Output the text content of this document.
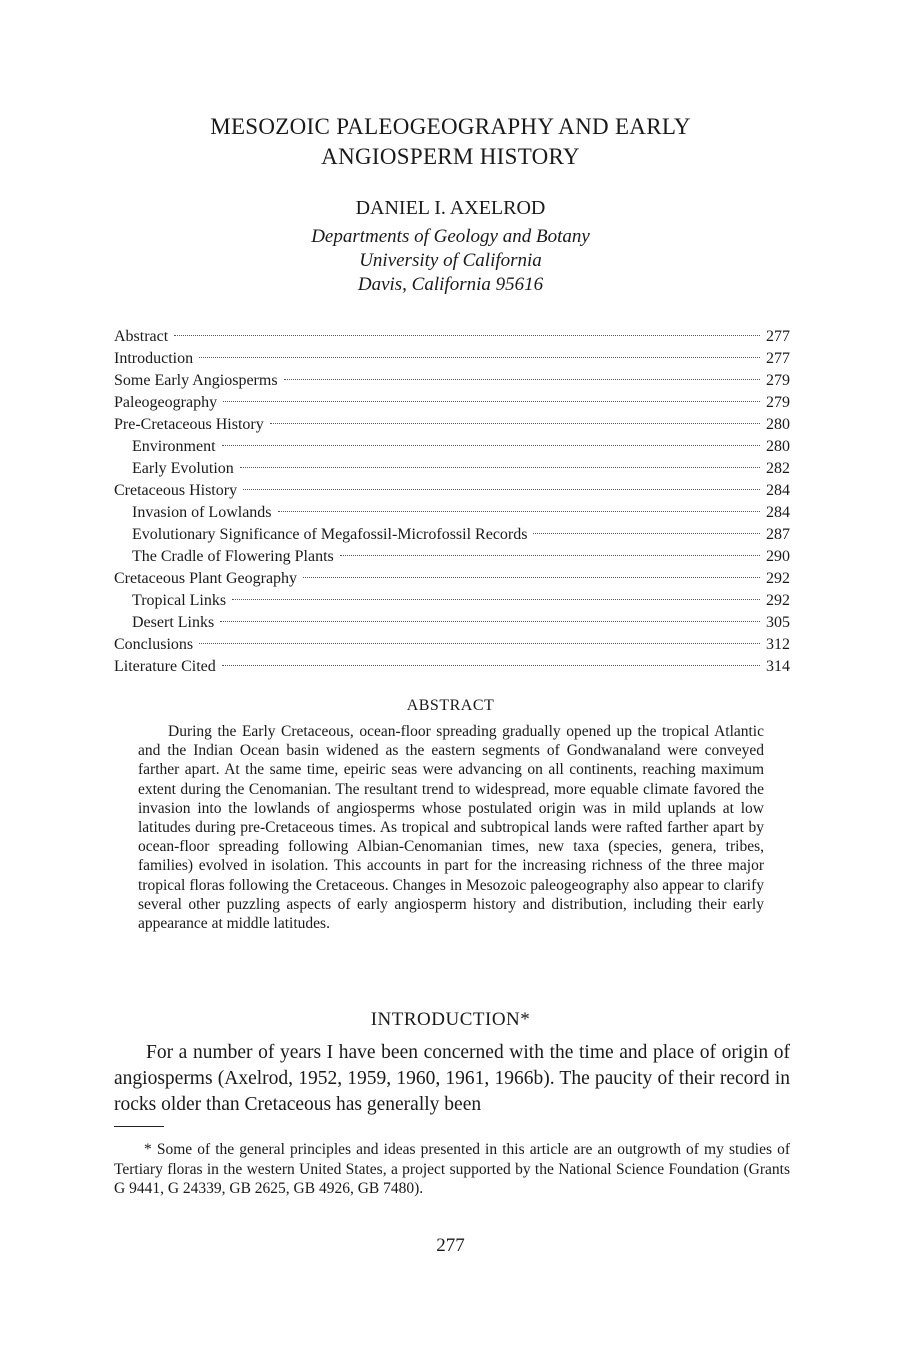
MESOZOIC PALEOGEOGRAPHY AND EARLY
ANGIOSPERM HISTORY
DANIEL I. AXELROD
Departments of Geology and Botany
University of California
Davis, California 95616
Abstract	277
Introduction	277
Some Early Angiosperms	279
Paleogeography	279
Pre-Cretaceous History	280
Environment	280
Early Evolution	282
Cretaceous History	284
Invasion of Lowlands	284
Evolutionary Significance of Megafossil-Microfossil Records	287
The Cradle of Flowering Plants	290
Cretaceous Plant Geography	292
Tropical Links	292
Desert Links	305
Conclusions	312
Literature Cited	314
ABSTRACT

During the Early Cretaceous, ocean-floor spreading gradually opened up the tropical Atlantic and the Indian Ocean basin widened as the eastern segments of Gondwanaland were conveyed farther apart. At the same time, epeiric seas were advancing on all continents, reaching maximum extent during the Cenomanian. The resultant trend to widespread, more equable climate favored the invasion into the lowlands of angiosperms whose postulated origin was in mild uplands at low latitudes during pre-Cretaceous times. As tropical and subtropical lands were rafted farther apart by ocean-floor spreading following Albian-Cenomanian times, new taxa (species, genera, tribes, families) evolved in isolation. This accounts in part for the increasing richness of the three major tropical floras following the Cretaceous. Changes in Mesozoic paleogeography also appear to clarify several other puzzling aspects of early angiosperm history and distribution, including their early appearance at middle latitudes.

INTRODUCTION*

For a number of years I have been concerned with the time and place of origin of angiosperms (Axelrod, 1952, 1959, 1960, 1961, 1966b). The paucity of their record in rocks older than Cretaceous has generally been

* Some of the general principles and ideas presented in this article are an outgrowth of my studies of Tertiary floras in the western United States, a project supported by the National Science Foundation (Grants G 9441, G 24339, GB 2625, GB 4926, GB 7480).

277
